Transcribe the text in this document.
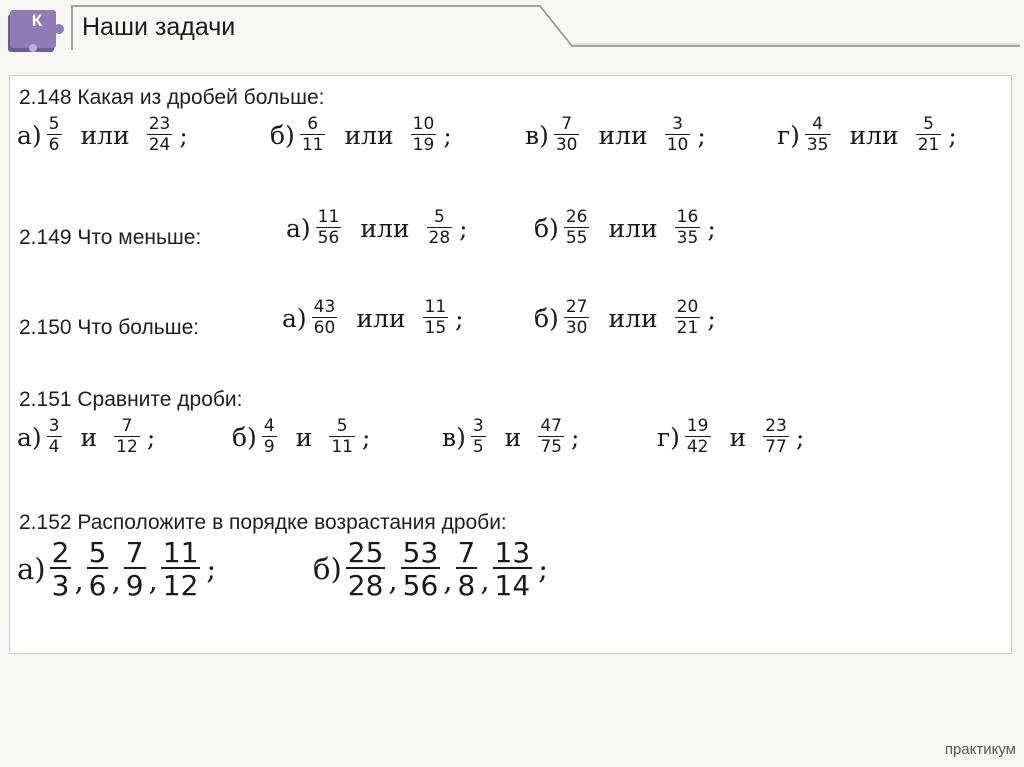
К Наши задачи
2.148 Какая из дробей больше:
$а) \frac{5}{6}$ или $\frac{23}{24}$ ;	$б) \frac{6}{11}$ или $\frac{10}{19}$ ;	$в) \frac{7}{30}$ или $\frac{3}{10}$ ;	$г) \frac{4}{35}$ или $\frac{5}{21}$ ;
2.149 Что меньше:	$а) \frac{11}{56}$ или $\frac{5}{28}$ ;	$б) \frac{26}{55}$ или $\frac{16}{35}$ ;
2.150 Что больше:	$а) \frac{43}{60}$ или $\frac{11}{15}$ ;	$б) \frac{27}{30}$ или $\frac{20}{21}$ ;
2.151 Сравните дроби:
$а) \frac{3}{4}$ и $\frac{7}{12}$ ;	$б) \frac{4}{9}$ и $\frac{5}{11}$ ;	$в) \frac{3}{5}$ и $\frac{47}{75}$ ;	$г) \frac{19}{42}$ и $\frac{23}{77}$ ;
2.152 Расположите в порядке возрастания дроби:
$а) \frac{2}{3}$ , $\frac{5}{6}$ , $\frac{7}{9}$ , $\frac{11}{12}$ ;	$б) \frac{25}{28}$ , $\frac{53}{56}$ , $\frac{7}{8}$ , $\frac{13}{14}$ ;
практикум
